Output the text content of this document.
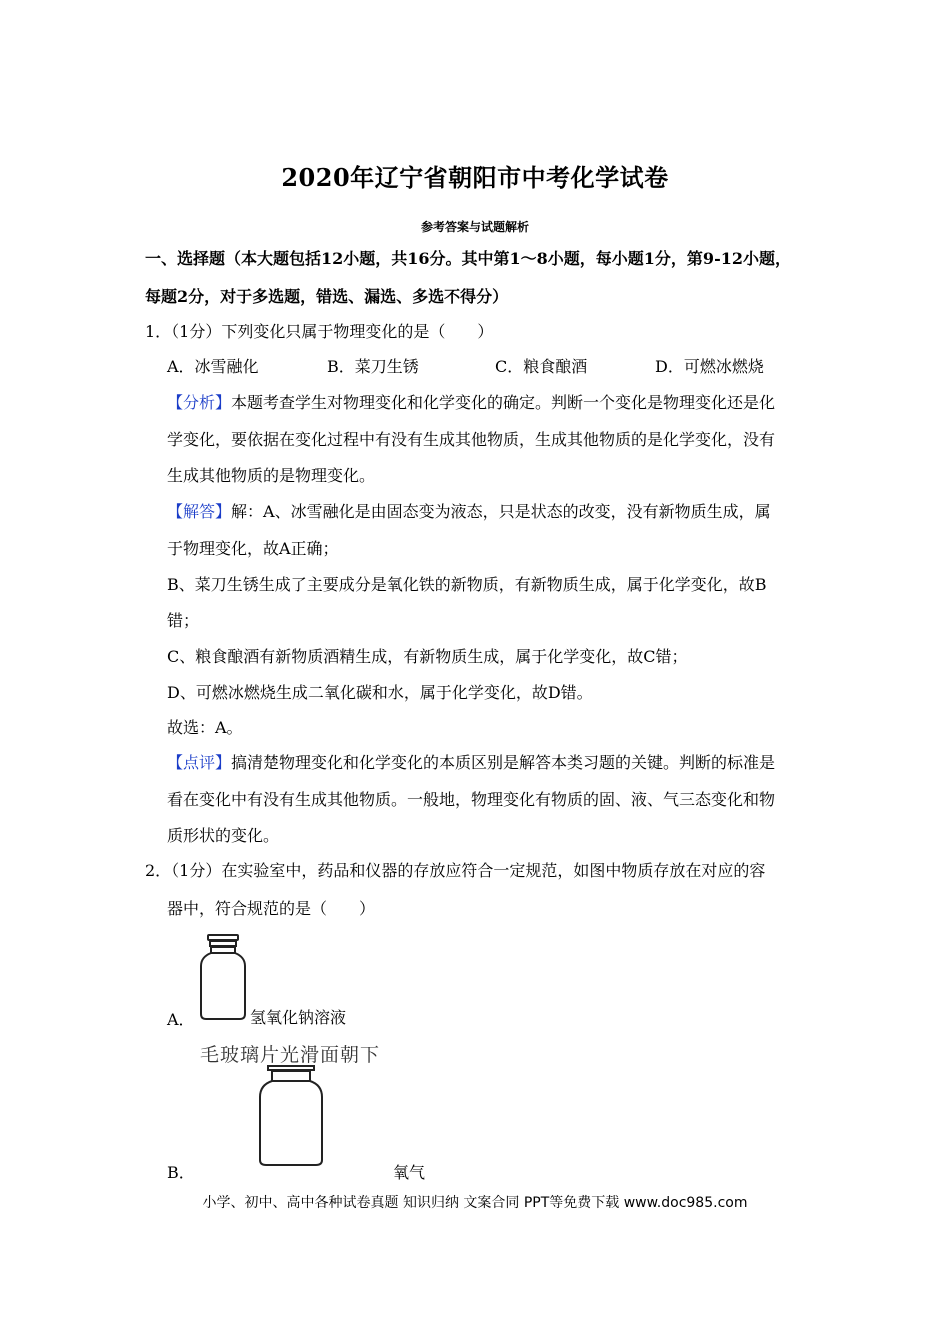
2020年辽宁省朝阳市中考化学试卷
参考答案与试题解析
一、选择题（本大题包括12小题，共16分。其中第1～8小题，每小题1分，第9-12小题，
每题2分，对于多选题，错选、漏选、多选不得分）
1．（1分）下列变化只属于物理变化的是（　　）
A．冰雪融化	B．菜刀生锈	C．粮食酿酒	D．可燃冰燃烧
【分析】本题考查学生对物理变化和化学变化的确定。判断一个变化是物理变化还是化
学变化，要依据在变化过程中有没有生成其他物质，生成其他物质的是化学变化，没有
生成其他物质的是物理变化。
【解答】解：A、冰雪融化是由固态变为液态，只是状态的改变，没有新物质生成，属
于物理变化，故A正确；
B、菜刀生锈生成了主要成分是氧化铁的新物质，有新物质生成，属于化学变化，故B
错；
C、粮食酿酒有新物质酒精生成，有新物质生成，属于化学变化，故C错；
D、可燃冰燃烧生成二氧化碳和水，属于化学变化，故D错。
故选：A。
【点评】搞清楚物理变化和化学变化的本质区别是解答本类习题的关键。判断的标准是
看在变化中有没有生成其他物质。一般地，物理变化有物质的固、液、气三态变化和物
质形状的变化。
2．（1分）在实验室中，药品和仪器的存放应符合一定规范，如图中物质存放在对应的容
器中，符合规范的是（　　）
A．	氢氧化钠溶液
毛玻璃片光滑面朝下
B．	氧气
小学、初中、高中各种试卷真题 知识归纳 文案合同 PPT等免费下载 www.doc985.com
